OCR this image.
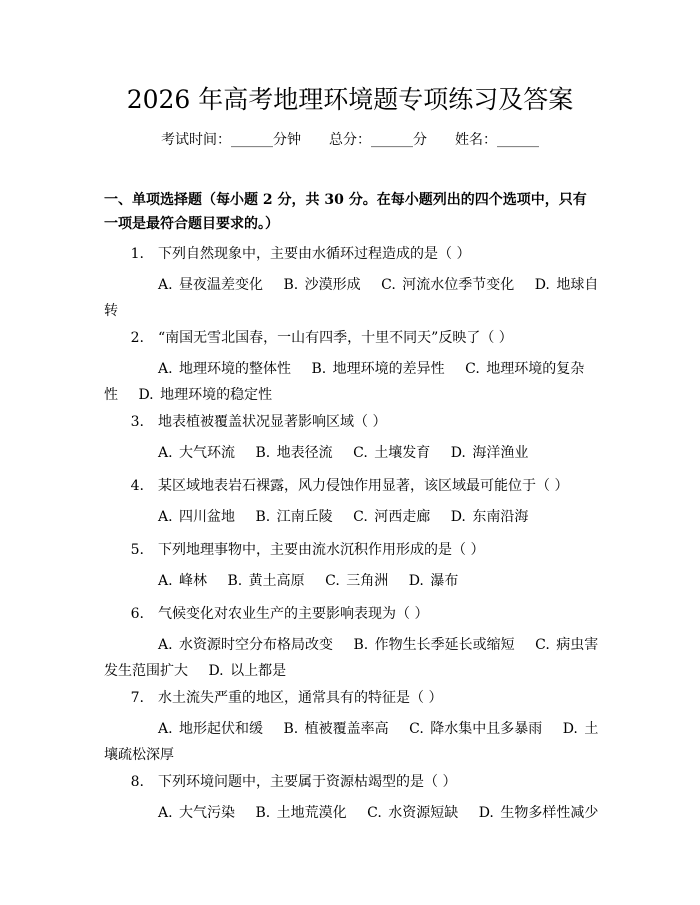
2026 年高考地理环境题专项练习及答案
考试时间：______分钟 总分：______分 姓名：______

一、单项选择题（每小题 2 分，共 30 分。在每小题列出的四个选项中，只有一项是最符合题目要求的。）

1. 下列自然现象中，主要由水循环过程造成的是（ ）
A. 昼夜温差变化 B. 沙漠形成 C. 河流水位季节变化 D. 地球自转
2. “南国无雪北国春，一山有四季，十里不同天”反映了（ ）
A. 地理环境的整体性 B. 地理环境的差异性 C. 地理环境的复杂性 D. 地理环境的稳定性
3. 地表植被覆盖状况显著影响区域（ ）
A. 大气环流 B. 地表径流 C. 土壤发育 D. 海洋渔业
4. 某区域地表岩石裸露，风力侵蚀作用显著，该区域最可能位于（ ）
A. 四川盆地 B. 江南丘陵 C. 河西走廊 D. 东南沿海
5. 下列地理事物中，主要由流水沉积作用形成的是（ ）
A. 峰林 B. 黄土高原 C. 三角洲 D. 瀑布
6. 气候变化对农业生产的主要影响表现为（ ）
A. 水资源时空分布格局改变 B. 作物生长季延长或缩短 C. 病虫害发生范围扩大 D. 以上都是
7. 水土流失严重的地区，通常具有的特征是（ ）
A. 地形起伏和缓 B. 植被覆盖率高 C. 降水集中且多暴雨 D. 土壤疏松深厚
8. 下列环境问题中，主要属于资源枯竭型的是（ ）
A. 大气污染 B. 土地荒漠化 C. 水资源短缺 D. 生物多样性减少
